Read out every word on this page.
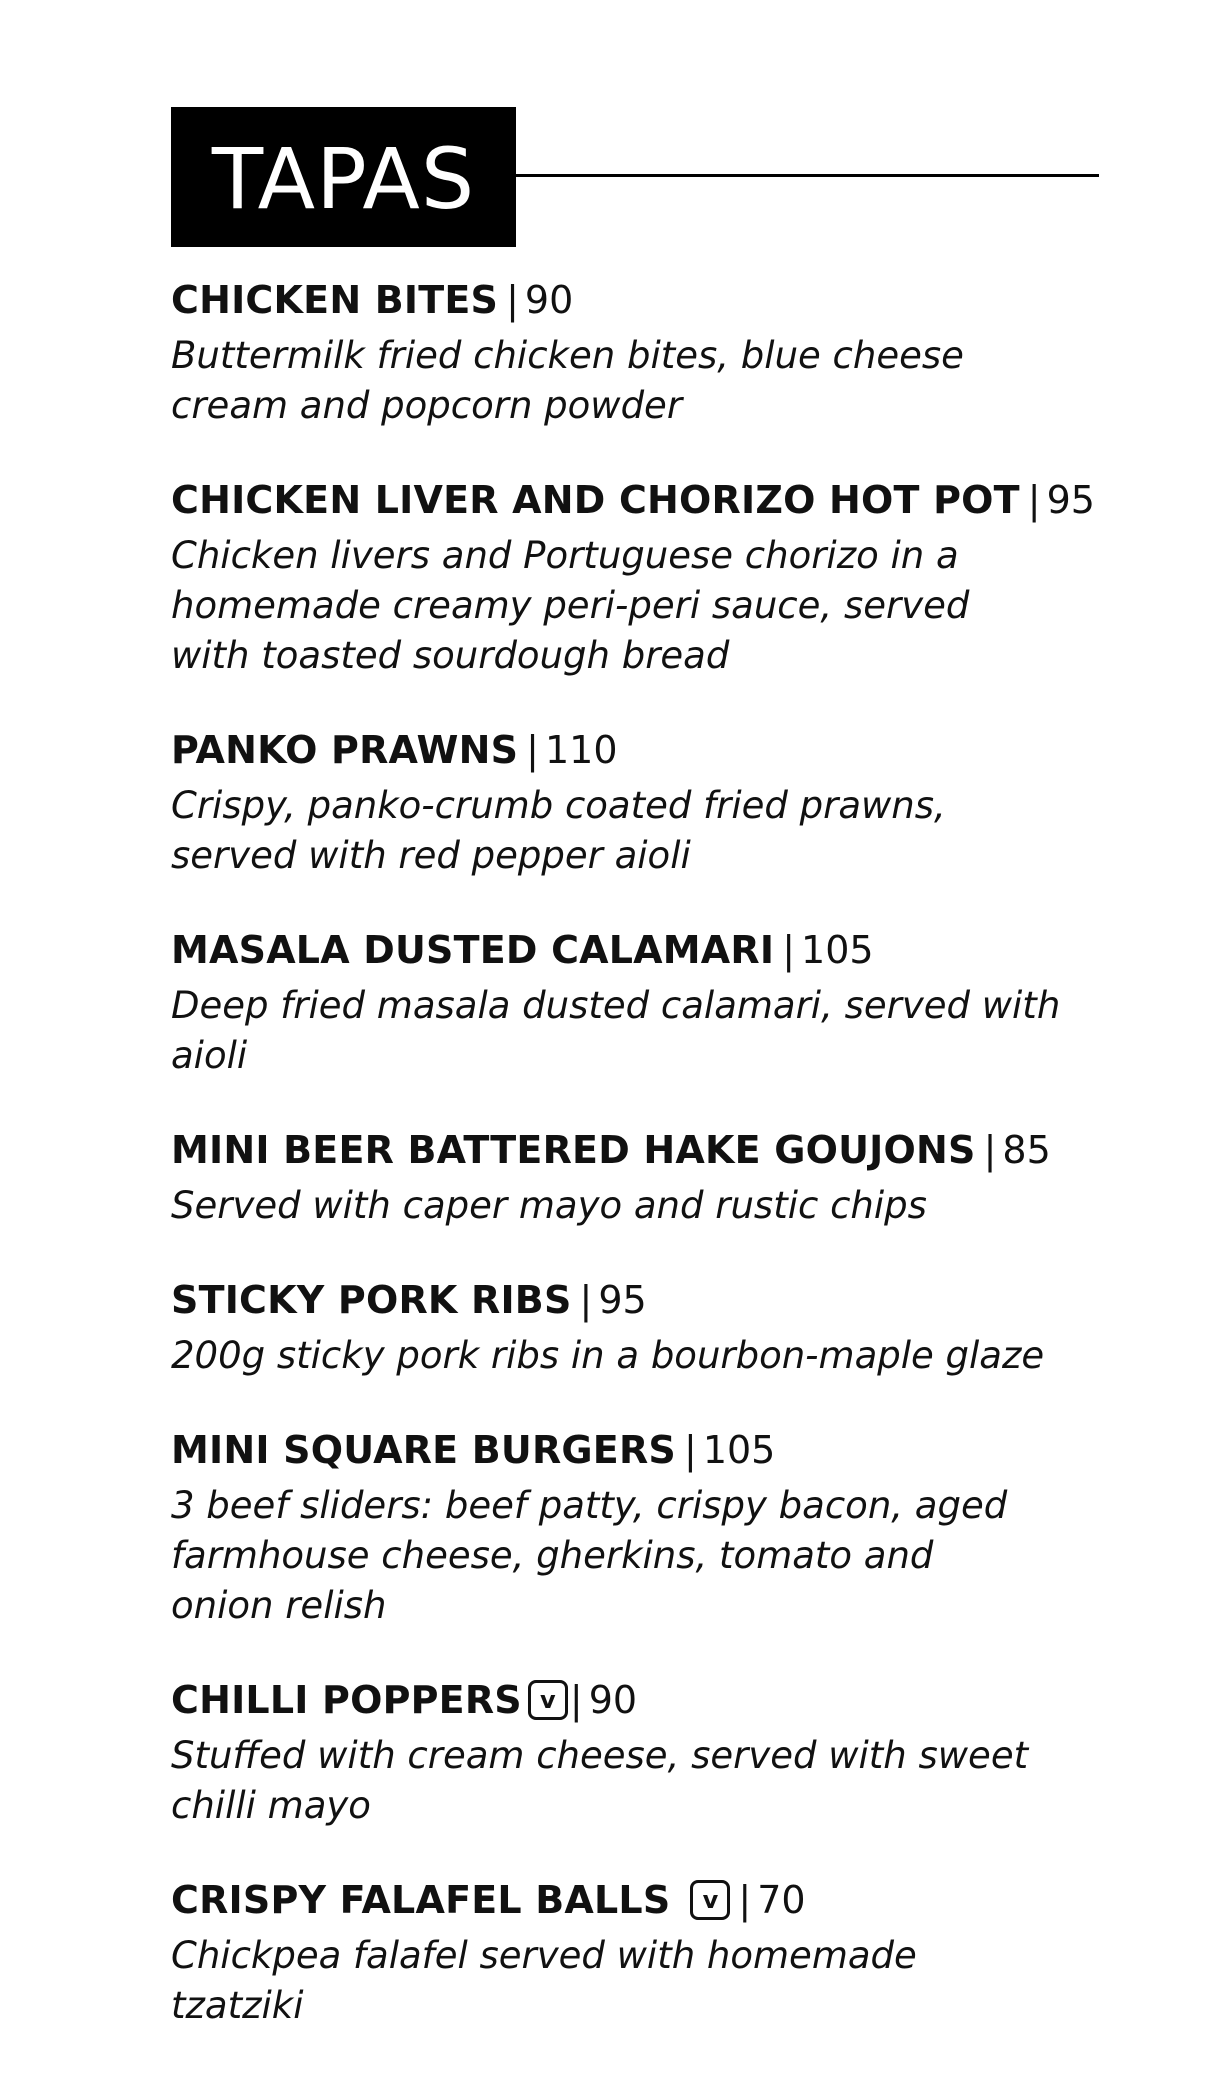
TAPAS
CHICKEN BITES | 90
Buttermilk fried chicken bites, blue cheese
cream and popcorn powder
CHICKEN LIVER AND CHORIZO HOT POT | 95
Chicken livers and Portuguese chorizo in a
homemade creamy peri-peri sauce, served
with toasted sourdough bread
PANKO PRAWNS | 110
Crispy, panko-crumb coated fried prawns,
served with red pepper aioli
MASALA DUSTED CALAMARI | 105
Deep fried masala dusted calamari, served with
aioli
MINI BEER BATTERED HAKE GOUJONS | 85
Served with caper mayo and rustic chips
STICKY PORK RIBS | 95
200g sticky pork ribs in a bourbon-maple glaze
MINI SQUARE BURGERS | 105
3 beef sliders: beef patty, crispy bacon, aged
farmhouse cheese, gherkins, tomato and
onion relish
CHILLI POPPERS v | 90
Stuffed with cream cheese, served with sweet
chilli mayo
CRISPY FALAFEL BALLS	v | 70
Chickpea falafel served with homemade
tzatziki
